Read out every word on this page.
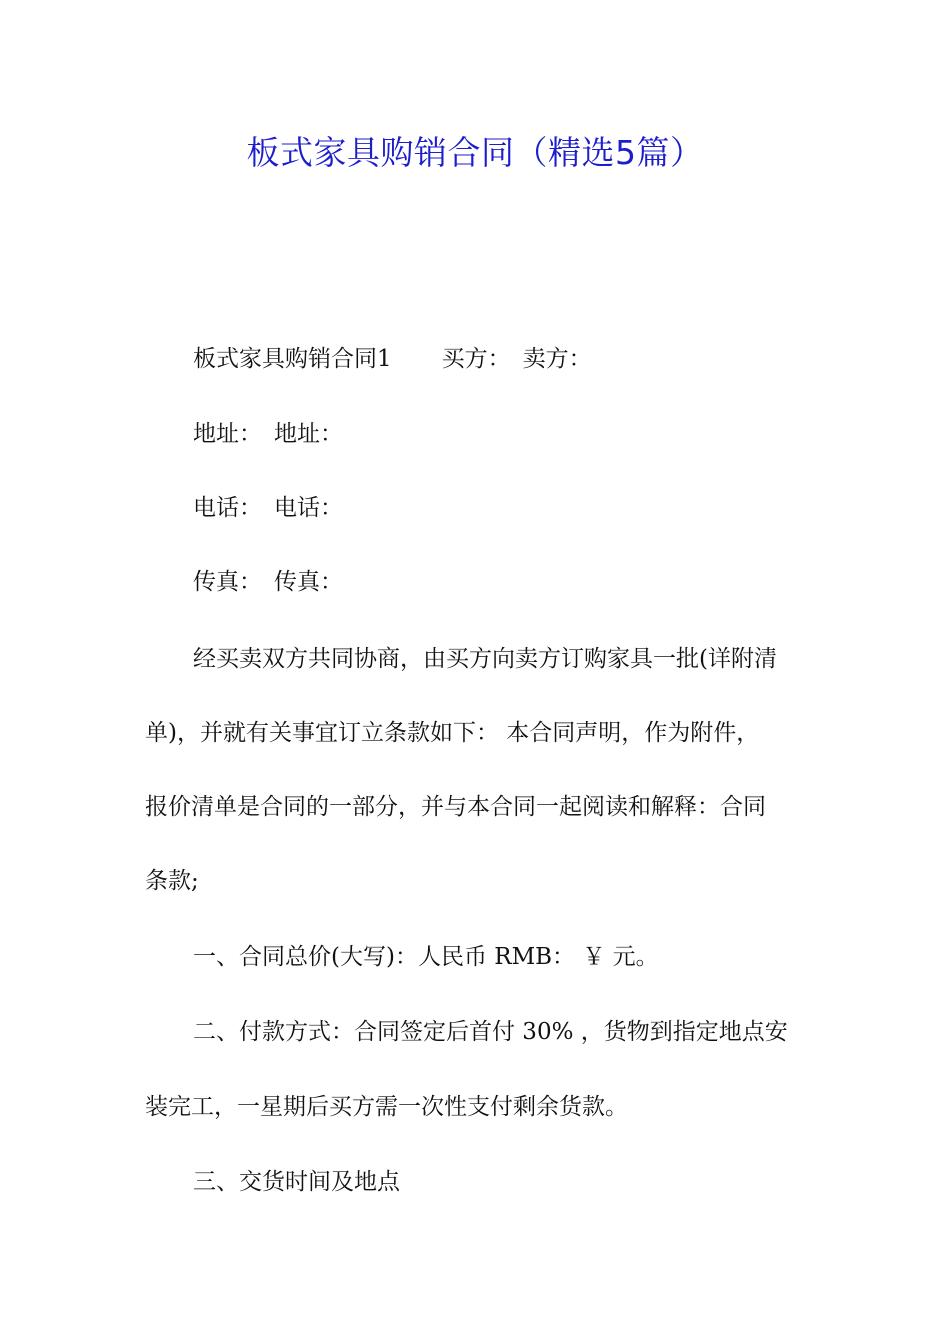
板式家具购销合同（精选5篇）
板式家具购销合同1 买方： 卖方：
地址： 地址：
电话： 电话：
传真： 传真：
经买卖双方共同协商，由买方向卖方订购家具一批(详附清
单)，并就有关事宜订立条款如下： 本合同声明，作为附件，
报价清单是合同的一部分，并与本合同一起阅读和解释：合同
条款;
一、合同总价(大写)：人民币 RMB： ￥ 元。
二、付款方式：合同签定后首付 30% ，货物到指定地点安
装完工，一星期后买方需一次性支付剩余货款。
三、交货时间及地点
